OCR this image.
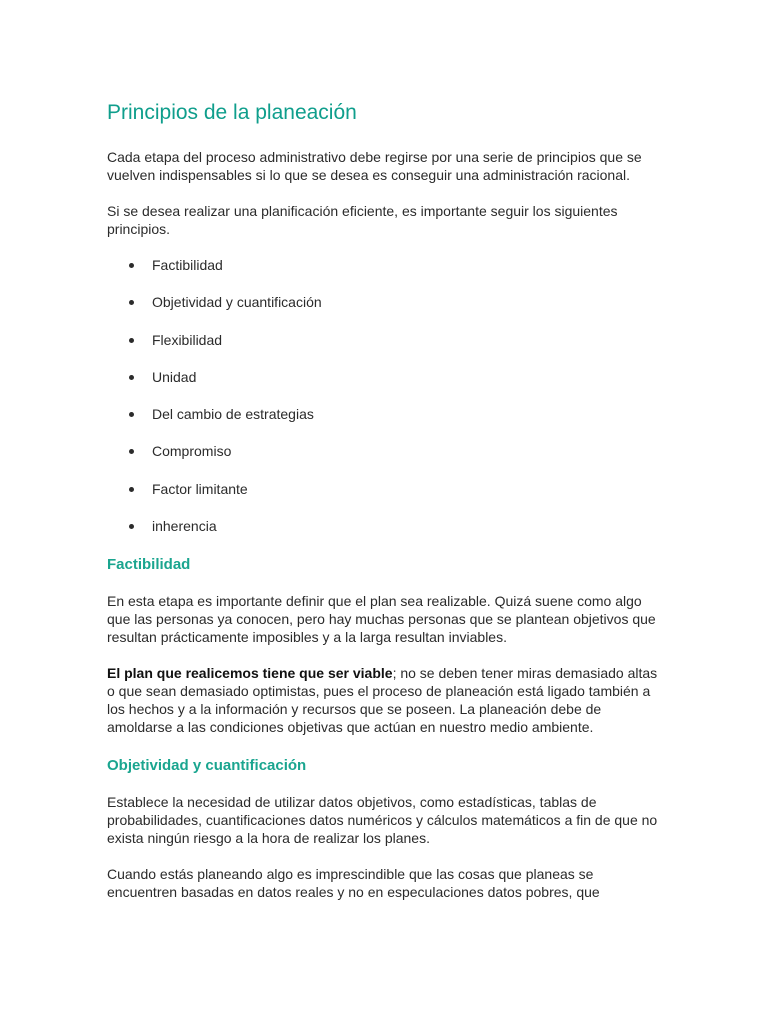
Principios de la planeación

Cada etapa del proceso administrativo debe regirse por una serie de principios que se vuelven indispensables si lo que se desea es conseguir una administración racional.

Si se desea realizar una planificación eficiente, es importante seguir los siguientes principios.

Factibilidad
Objetividad y cuantificación
Flexibilidad
Unidad
Del cambio de estrategias
Compromiso
Factor limitante
inherencia
Factibilidad

En esta etapa es importante definir que el plan sea realizable. Quizá suene como algo que las personas ya conocen, pero hay muchas personas que se plantean objetivos que resultan prácticamente imposibles y a la larga resultan inviables.

El plan que realicemos tiene que ser viable; no se deben tener miras demasiado altas o que sean demasiado optimistas, pues el proceso de planeación está ligado también a los hechos y a la información y recursos que se poseen. La planeación debe de amoldarse a las condiciones objetivas que actúan en nuestro medio ambiente.

Objetividad y cuantificación

Establece la necesidad de utilizar datos objetivos, como estadísticas, tablas de probabilidades, cuantificaciones datos numéricos y cálculos matemáticos a fin de que no exista ningún riesgo a la hora de realizar los planes.

Cuando estás planeando algo es imprescindible que las cosas que planeas se encuentren basadas en datos reales y no en especulaciones datos pobres, que
